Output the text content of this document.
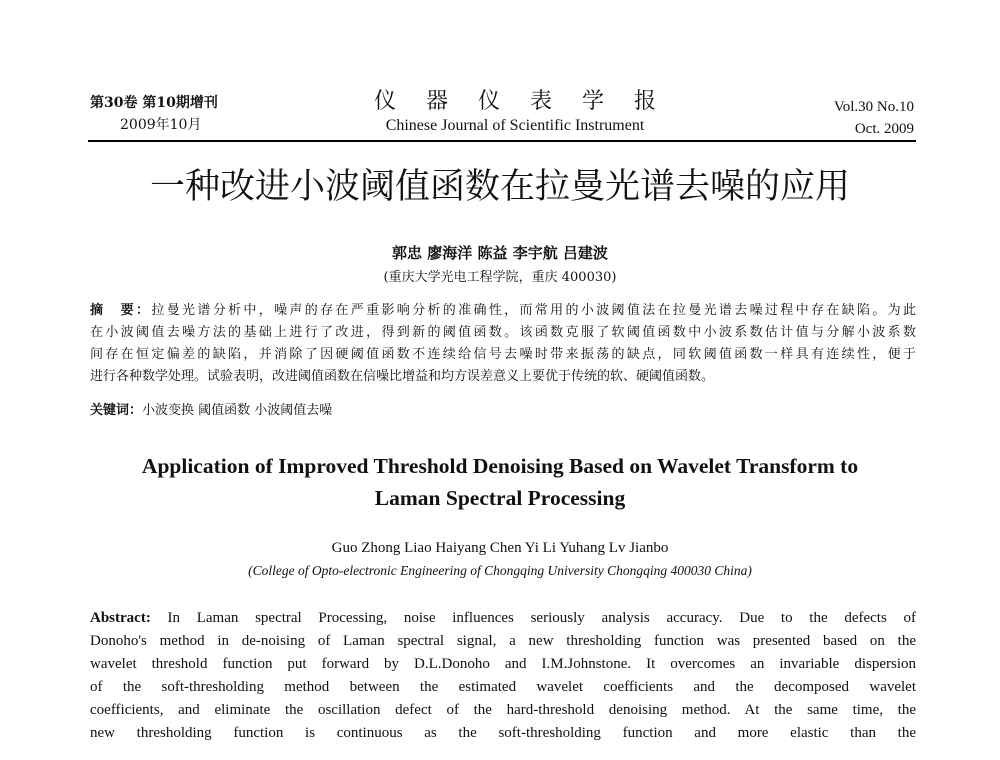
第30卷 第10期增刊
2009年10月
仪器仪表学报
Chinese Journal of Scientific Instrument
Vol.30 No.10
Oct. 2009
一种改进小波阈值函数在拉曼光谱去噪的应用
郭忠 廖海洋 陈益 李宇航 吕建波
(重庆大学光电工程学院，重庆 400030)
摘　要：拉曼光谱分析中，噪声的存在严重影响分析的准确性，而常用的小波阈值法在拉曼光谱去噪过程中存在缺陷。为此
在小波阈值去噪方法的基础上进行了改进，得到新的阈值函数。该函数克服了软阈值函数中小波系数估计值与分解小波系数
间存在恒定偏差的缺陷，并消除了因硬阈值函数不连续给信号去噪时带来振荡的缺点，同软阈值函数一样具有连续性，便于
进行各种数学处理。试验表明，改进阈值函数在信噪比增益和均方误差意义上要优于传统的软、硬阈值函数。
关键词：小波变换 阈值函数 小波阈值去噪
Application of Improved Threshold Denoising Based on Wavelet Transform to
Laman Spectral Processing
Guo Zhong Liao Haiyang Chen Yi Li Yuhang Lv Jianbo
(College of Opto-electronic Engineering of Chongqing University Chongqing 400030 China)
Abstract: In Laman spectral Processing, noise influences seriously analysis accuracy. Due to the defects of
Donoho's method in de-noising of Laman spectral signal, a new thresholding function was presented based on the
wavelet threshold function put forward by D.L.Donoho and I.M.Johnstone. It overcomes an invariable dispersion
of the soft-thresholding method between the estimated wavelet coefficients and the decomposed wavelet
coefficients, and eliminate the oscillation defect of the hard-threshold denoising method. At the same time, the
new thresholding function is continuous as the soft-thresholding function and more elastic than the
